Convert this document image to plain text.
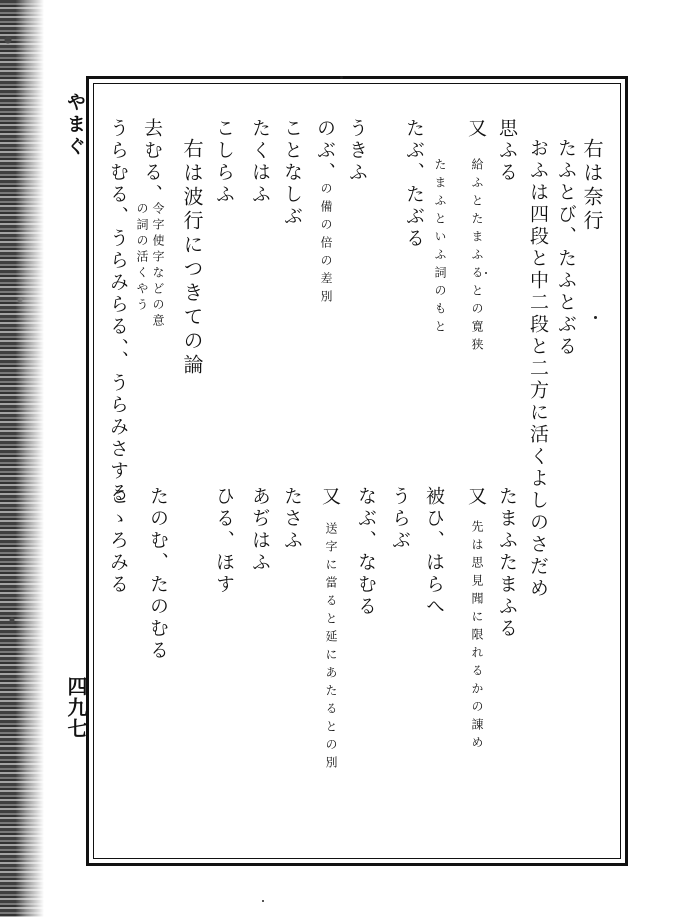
やまぐ
四九七
右は奈行
たふとび、たふとぶる
おふは四段と中二段と二方に活くよしのさだめ
思ふる
又
給ふとたまふるとの寛狭
たまふといふ詞のもと
たぶ、たぶる
うきふ
のぶ、
の備の倍の差別
ことなしぶ
たくはふ
こしらふ
右は波行につきての論
去むる、
令字使字などの意
の詞の活くやう
うらむる、うらみらる、、うらみさする
たまふたまふる
又
先は思見聞に限れるかの諌め
被ひ、はらへ
うらぶ
なぶ、なむる
又
送字に當ると延にあたるとの別
たさふ
あぢはふ
ひる、ほす
たのむ、たのむる
こゝろみる
